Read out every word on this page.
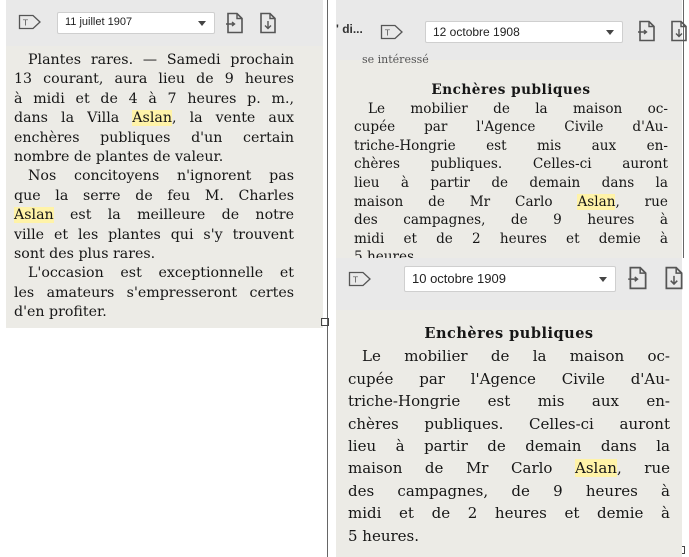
T	11 juillet 1907
Plantes rares. — Samedi prochain
13 courant, aura lieu de 9 heures
à midi et de 4 à 7 heures p. m.,
dans la Villa Aslan, la vente aux
enchères publiques d'un certain
nombre de plantes de valeur.
Nos concitoyens n'ignorent pas
que la serre de feu M. Charles
Aslan est la meilleure de notre
ville et les plantes qui s'y trouvent
sont des plus rares.
L'occasion est exceptionnelle et
les amateurs s'empresseront certes
d'en profiter.
' di...	T	12 octobre 1908
se intéressé
Enchères publiques
Le mobilier de la maison oc-
cupée par l'Agence Civile d'Au-
triche-Hongrie est mis aux en-
chères publiques. Celles-ci auront
lieu à partir de demain dans la
maison de Mr Carlo Aslan, rue
des campagnes, de 9 heures à
midi et de 2 heures et demie à
T	10 octobre 1909
Enchères publiques
Le mobilier de la maison oc-
cupée par l'Agence Civile d'Au-
triche-Hongrie est mis aux en-
chères publiques. Celles-ci auront
lieu à partir de demain dans la
maison de Mr Carlo Aslan, rue
des campagnes, de 9 heures à
midi et de 2 heures et demie à
5 heures.
